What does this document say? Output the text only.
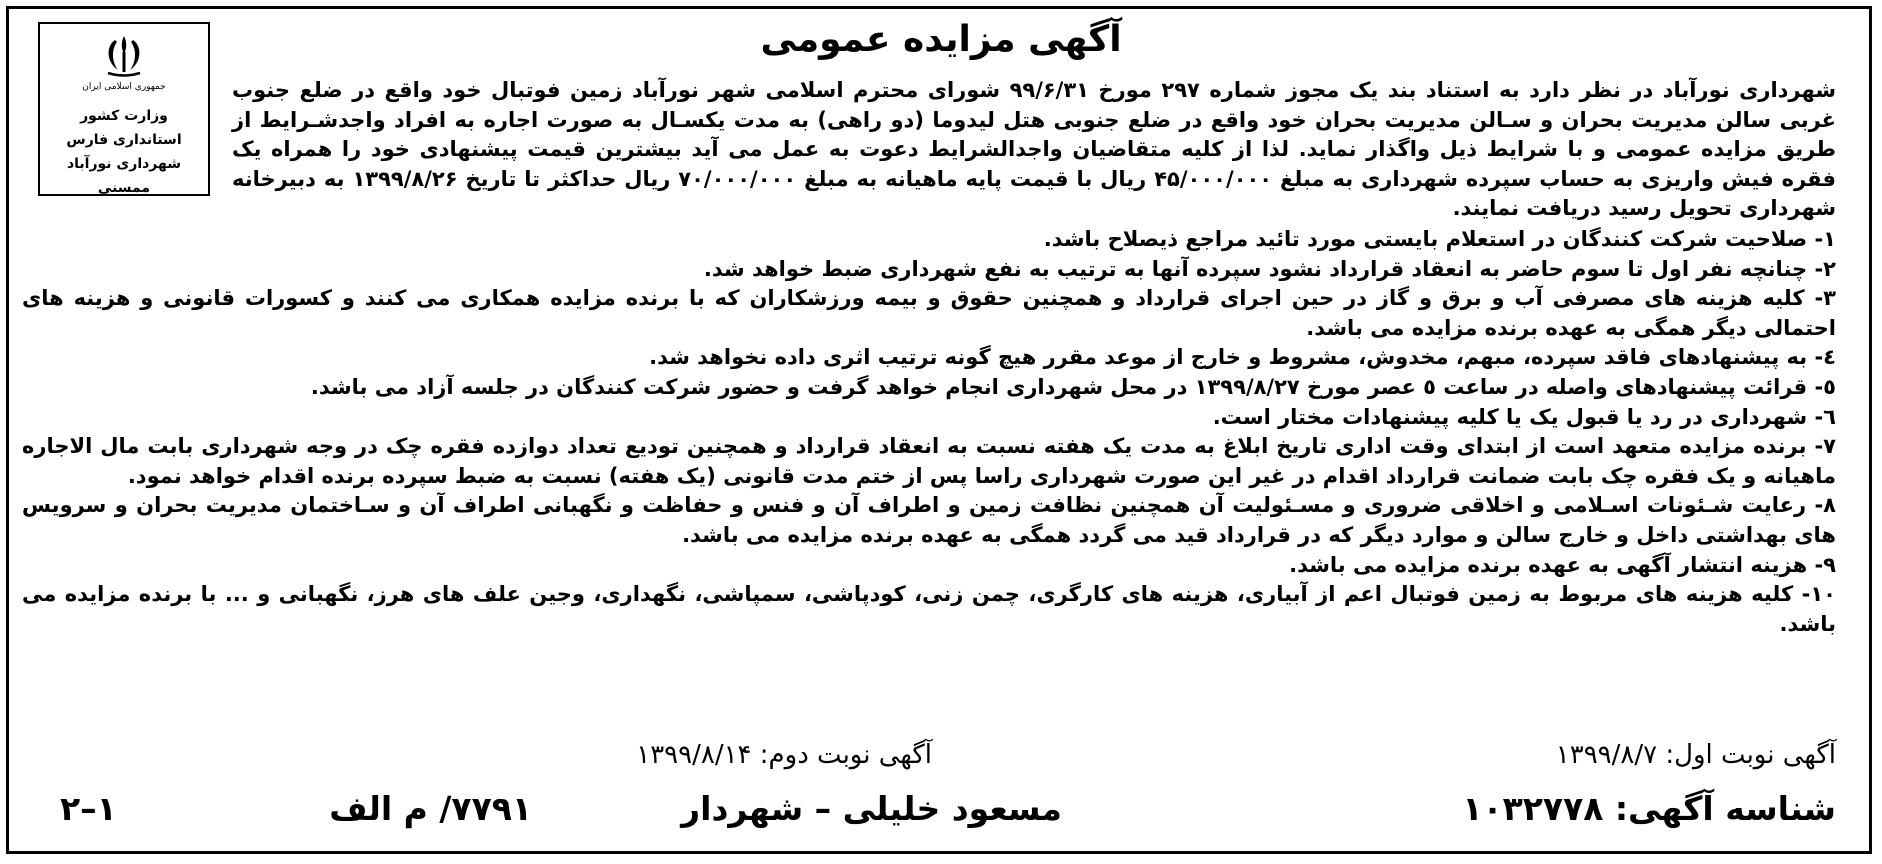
آگهی مزایده عمومی
جمهوری اسلامی ایران
وزارت کشور
استانداری فارس
شهرداری نورآباد ممسنی
شهرداری نورآباد در نظر دارد به استناد بند یک مجوز شماره ۲۹۷ مورخ ۹۹/۶/۳۱ شورای محترم اسلامی شهر نورآباد زمین فوتبال خود واقع در ضلع جنوب غربی سالن مدیریت بحران و سـالن مدیریت بحران خود واقع در ضلع جنوبی هتل لیدوما (دو راهی) به مدت یکسـال به صورت اجاره به افراد واجدشـرایط از طریق مزایده عمومی و با شرایط ذیل واگذار نماید. لذا از کلیه متقاضیان واجدالشرایط دعوت به عمل می آید بیشترین قیمت پیشنهادی خود را همراه یک فقره فیش واریزی به حساب سپرده شهرداری به مبلغ ۴۵/۰۰۰/۰۰۰ ریال با قیمت پایه ماهیانه به مبلغ ۷۰/۰۰۰/۰۰۰ ریال حداکثر تا تاریخ ۱۳۹۹/۸/۲۶ به دبیرخانه شهرداری تحویل رسید دریافت نمایند.
۱- صلاحیت شرکت کنندگان در استعلام بایستی مورد تائید مراجع ذیصلاح باشد.
۲- چنانچه نفر اول تا سوم حاضر به انعقاد قرارداد نشود سپرده آنها به ترتیب به نفع شهرداری ضبط خواهد شد.
۳- کلیه هزینه های مصرفی آب و برق و گاز در حین اجرای قرارداد و همچنین حقوق و بیمه ورزشکاران که با برنده مزایده همکاری می کنند و کسورات قانونی و هزینه های احتمالی دیگر همگی به عهده برنده مزایده می باشد.
٤- به پیشنهادهای فاقد سپرده، مبهم، مخدوش، مشروط و خارج از موعد مقرر هیچ گونه ترتیب اثری داده نخواهد شد.
٥- قرائت پیشنهادهای واصله در ساعت ٥ عصر مورخ ۱۳۹۹/۸/۲۷ در محل شهرداری انجام خواهد گرفت و حضور شرکت کنندگان در جلسه آزاد می باشد.
٦- شهرداری در رد یا قبول یک یا کلیه پیشنهادات مختار است.
۷- برنده مزایده متعهد است از ابتدای وقت اداری تاریخ ابلاغ به مدت یک هفته نسبت به انعقاد قرارداد و همچنین تودیع تعداد دوازده فقره چک در وجه شهرداری بابت مال الاجاره ماهیانه و یک فقره چک بابت ضمانت قرارداد اقدام در غیر این صورت شهرداری راسا پس از ختم مدت قانونی (یک هفته) نسبت به ضبط سپرده برنده اقدام خواهد نمود.
۸- رعایت شـئونات اسـلامی و اخلاقی ضروری و مسـئولیت آن همچنین نظافت زمین و اطراف آن و فنس و حفاظت و نگهبانی اطراف آن و سـاختمان مدیریت بحران و سرویس های بهداشتی داخل و خارج سالن و موارد دیگر که در قرارداد قید می گردد همگی به عهده برنده مزایده می باشد.
۹- هزینه انتشار آگهی به عهده برنده مزایده می باشد.
۱۰- کلیه هزینه های مربوط به زمین فوتبال اعم از آبیاری، هزینه های کارگری، چمن زنی، کودپاشی، سمپاشی، نگهداری، وجین علف های هرز، نگهبانی و ... با برنده مزایده می باشد.
آگهی نوبت اول: ۱۳۹۹/۸/۷
آگهی نوبت دوم: ۱۳۹۹/۸/۱۴
شناسه آگهی: ۱۰۳۲۷۷۸
مسعود خلیلی – شهردار
۷۷۹۱/ م الف
۱–۲
